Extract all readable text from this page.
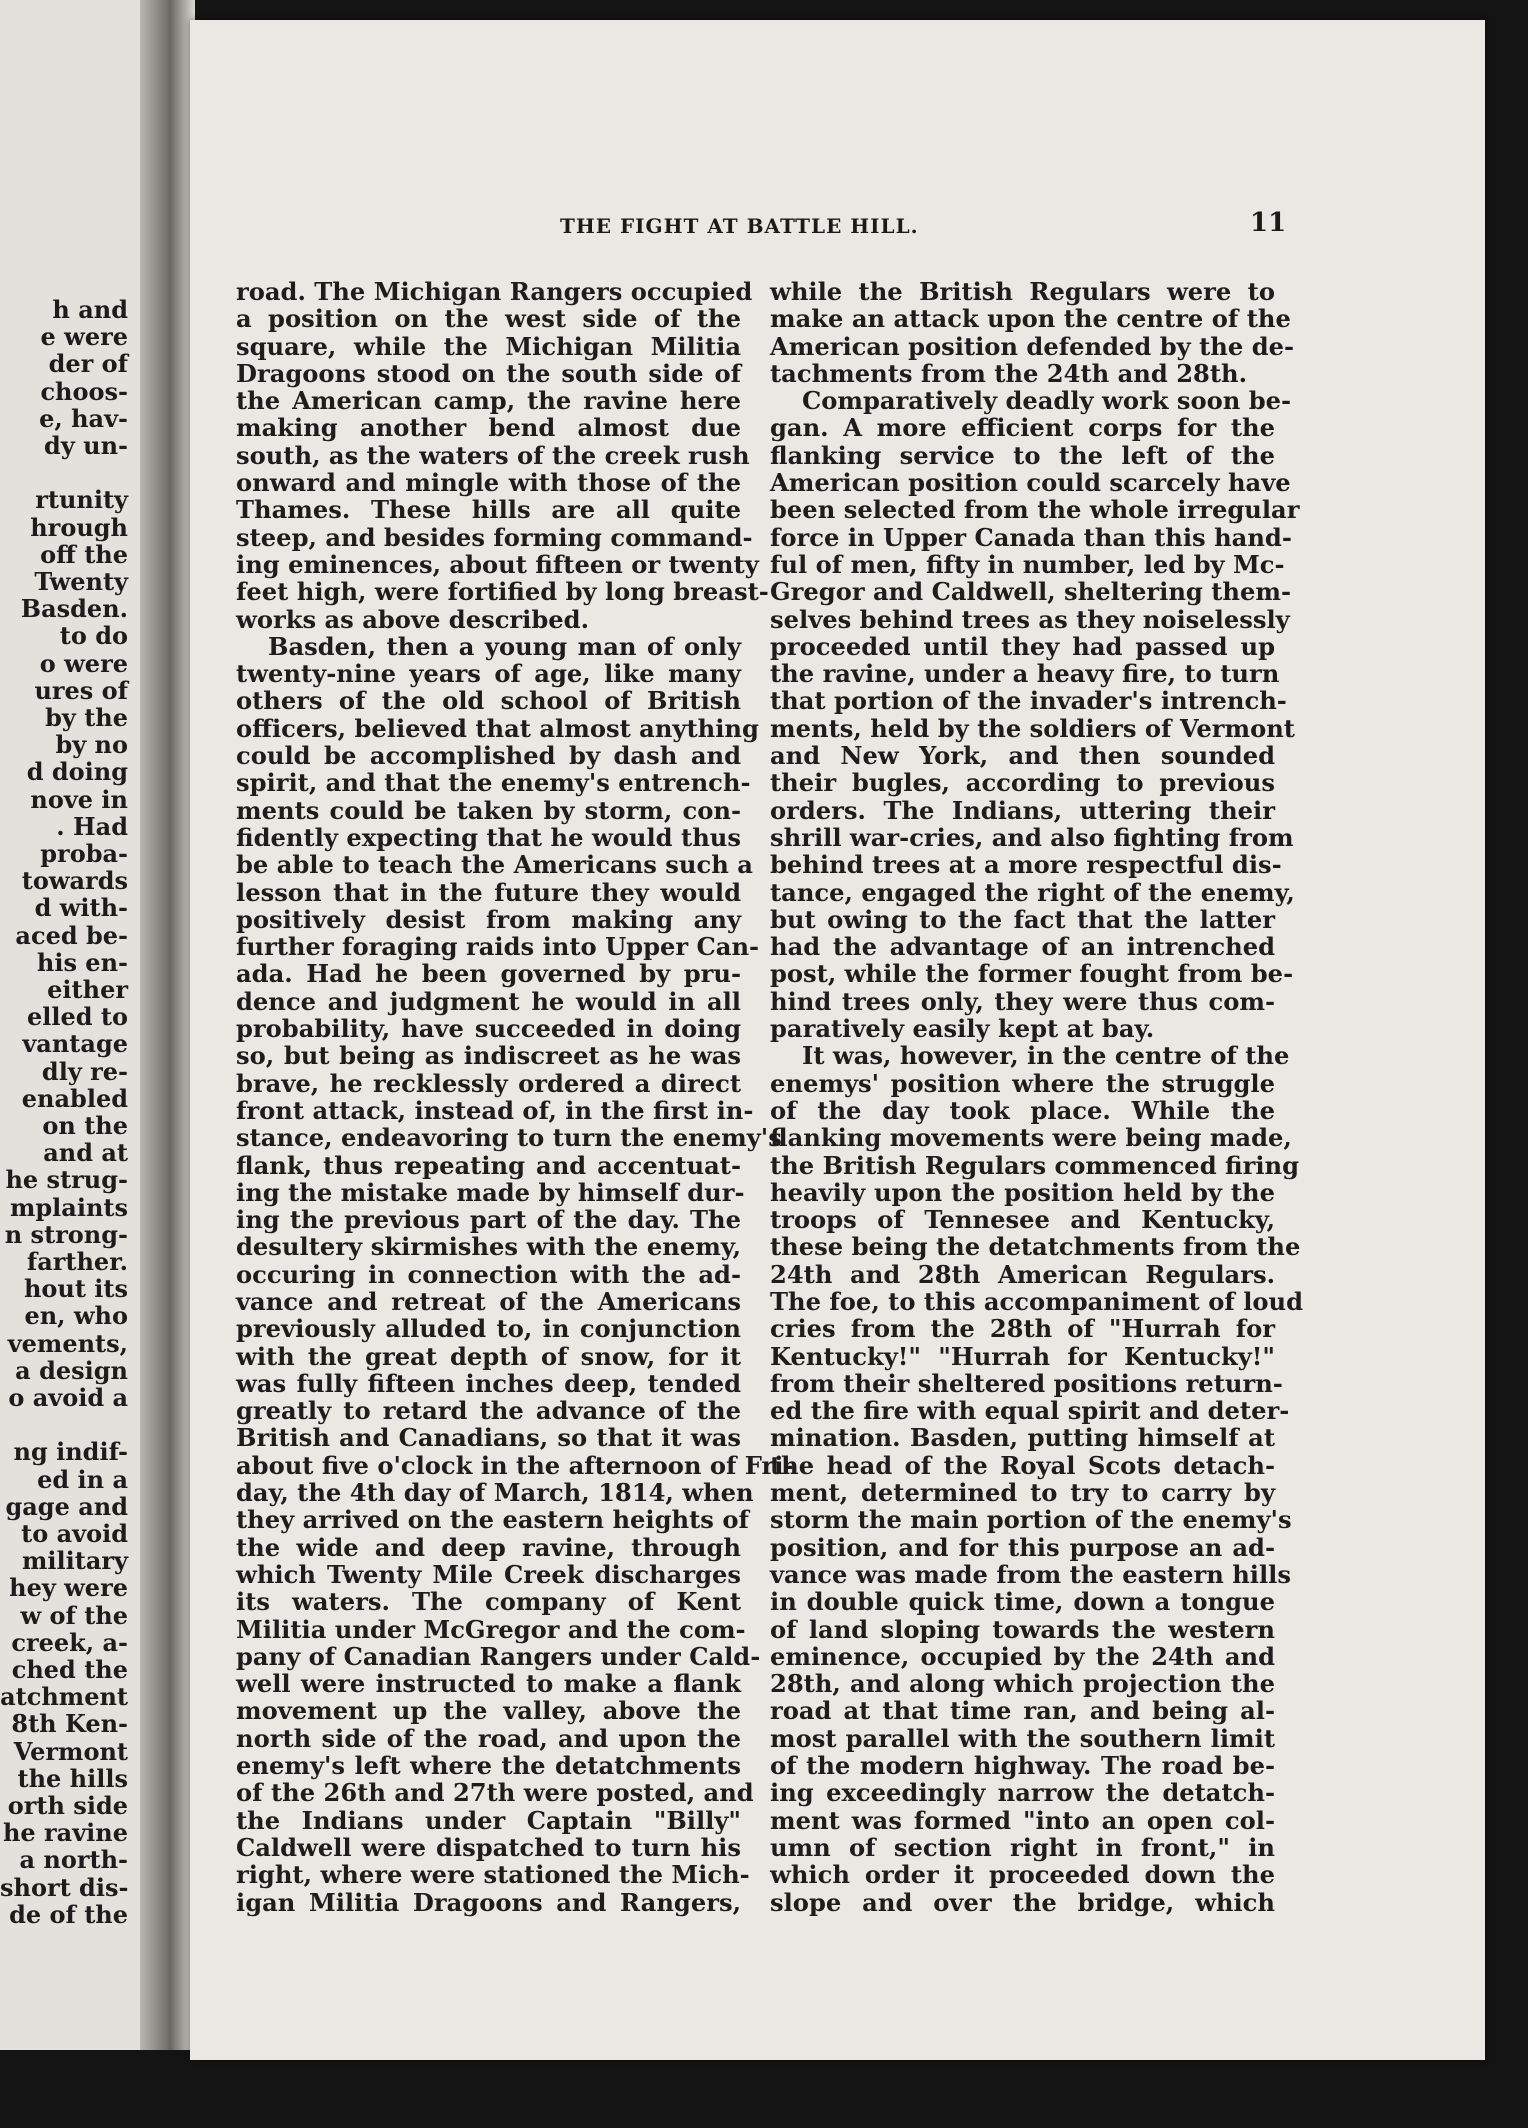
h and
e were
der of
choos-
e, hav-
dy un-
rtunity
hrough
off the
Twenty
Basden.
to do
o were
ures of
by the
by no
d doing
nove in
. Had
proba-
towards
d with-
aced be-
his en-
either
elled to
vantage
dly re-
enabled
on the
and at
he strug-
mplaints
n strong-
farther.
hout its
en, who
vements,
a design
o avoid a
ng indif-
ed in a
gage and
to avoid
military
hey were
w of the
creek, a-
ched the
atchment
8th Ken-
Vermont
the hills
orth side
he ravine
a north-
short dis-
de of the
THE FIGHT AT BATTLE HILL.	11
road. The Michigan Rangers occupied
a position on the west side of the
square, while the Michigan Militia
Dragoons stood on the south side of
the American camp, the ravine here
making another bend almost due
south, as the waters of the creek rush
onward and mingle with those of the
Thames. These hills are all quite
steep, and besides forming command-
ing eminences, about fifteen or twenty
feet high, were fortified by long breast-
works as above described.
Basden, then a young man of only
twenty-nine years of age, like many
others of the old school of British
officers, believed that almost anything
could be accomplished by dash and
spirit, and that the enemy's entrench-
ments could be taken by storm, con-
fidently expecting that he would thus
be able to teach the Americans such a
lesson that in the future they would
positively desist from making any
further foraging raids into Upper Can-
ada. Had he been governed by pru-
dence and judgment he would in all
probability, have succeeded in doing
so, but being as indiscreet as he was
brave, he recklessly ordered a direct
front attack, instead of, in the first in-
stance, endeavoring to turn the enemy's
flank, thus repeating and accentuat-
ing the mistake made by himself dur-
ing the previous part of the day. The
desultery skirmishes with the enemy,
occuring in connection with the ad-
vance and retreat of the Americans
previously alluded to, in conjunction
with the great depth of snow, for it
was fully fifteen inches deep, tended
greatly to retard the advance of the
British and Canadians, so that it was
about five o'clock in the afternoon of Fri-
day, the 4th day of March, 1814, when
they arrived on the eastern heights of
the wide and deep ravine, through
which Twenty Mile Creek discharges
its waters. The company of Kent
Militia under McGregor and the com-
pany of Canadian Rangers under Cald-
well were instructed to make a flank
movement up the valley, above the
north side of the road, and upon the
enemy's left where the detatchments
of the 26th and 27th were posted, and
the Indians under Captain "Billy"
Caldwell were dispatched to turn his
right, where were stationed the Mich-
igan Militia Dragoons and Rangers,
while the British Regulars were to
make an attack upon the centre of the
American position defended by the de-
tachments from the 24th and 28th.
Comparatively deadly work soon be-
gan. A more efficient corps for the
flanking service to the left of the
American position could scarcely have
been selected from the whole irregular
force in Upper Canada than this hand-
ful of men, fifty in number, led by Mc-
Gregor and Caldwell, sheltering them-
selves behind trees as they noiselessly
proceeded until they had passed up
the ravine, under a heavy fire, to turn
that portion of the invader's intrench-
ments, held by the soldiers of Vermont
and New York, and then sounded
their bugles, according to previous
orders. The Indians, uttering their
shrill war-cries, and also fighting from
behind trees at a more respectful dis-
tance, engaged the right of the enemy,
but owing to the fact that the latter
had the advantage of an intrenched
post, while the former fought from be-
hind trees only, they were thus com-
paratively easily kept at bay.
It was, however, in the centre of the
enemys' position where the struggle
of the day took place. While the
flanking movements were being made,
the British Regulars commenced firing
heavily upon the position held by the
troops of Tennesee and Kentucky,
these being the detatchments from the
24th and 28th American Regulars.
The foe, to this accompaniment of loud
cries from the 28th of "Hurrah for
Kentucky!" "Hurrah for Kentucky!"
from their sheltered positions return-
ed the fire with equal spirit and deter-
mination. Basden, putting himself at
the head of the Royal Scots detach-
ment, determined to try to carry by
storm the main portion of the enemy's
position, and for this purpose an ad-
vance was made from the eastern hills
in double quick time, down a tongue
of land sloping towards the western
eminence, occupied by the 24th and
28th, and along which projection the
road at that time ran, and being al-
most parallel with the southern limit
of the modern highway. The road be-
ing exceedingly narrow the detatch-
ment was formed "into an open col-
umn of section right in front," in
which order it proceeded down the
slope and over the bridge, which
